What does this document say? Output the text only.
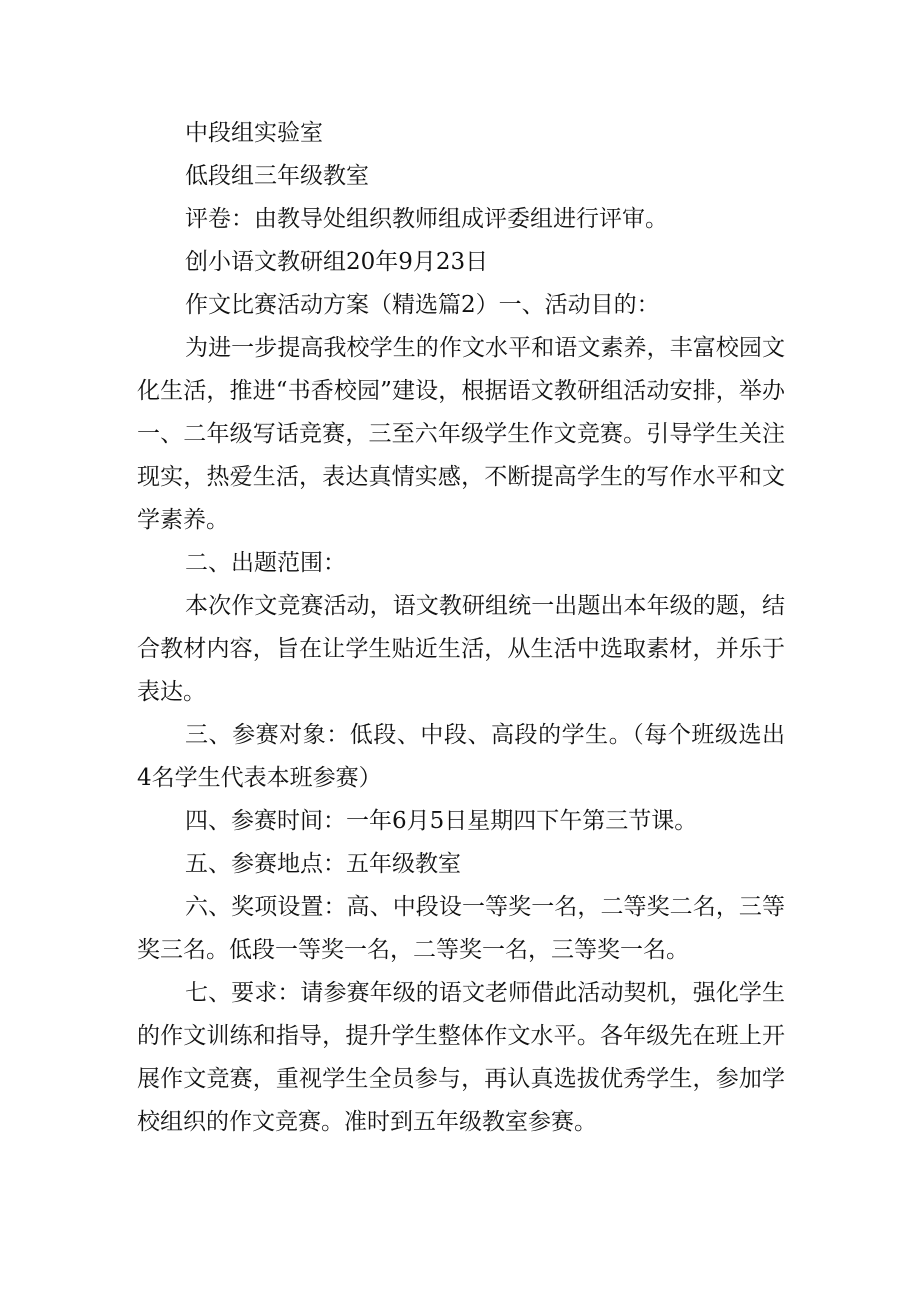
中段组实验室

低段组三年级教室

评卷：由教导处组织教师组成评委组进行评审。

创小语文教研组20年9月23日

作文比赛活动方案（精选篇2）一、活动目的：

为进一步提高我校学生的作文水平和语文素养，丰富校园文化生活，推进“书香校园”建设，根据语文教研组活动安排，举办一、二年级写话竞赛，三至六年级学生作文竞赛。引导学生关注现实，热爱生活，表达真情实感，不断提高学生的写作水平和文学素养。

二、出题范围：

本次作文竞赛活动，语文教研组统一出题出本年级的题，结合教材内容，旨在让学生贴近生活，从生活中选取素材，并乐于表达。

三、参赛对象：低段、中段、高段的学生。（每个班级选出4名学生代表本班参赛）

四、参赛时间：一年6月5日星期四下午第三节课。

五、参赛地点：五年级教室

六、奖项设置：高、中段设一等奖一名，二等奖二名，三等奖三名。低段一等奖一名，二等奖一名，三等奖一名。

七、要求：请参赛年级的语文老师借此活动契机，强化学生的作文训练和指导，提升学生整体作文水平。各年级先在班上开展作文竞赛，重视学生全员参与，再认真选拔优秀学生，参加学校组织的作文竞赛。准时到五年级教室参赛。
